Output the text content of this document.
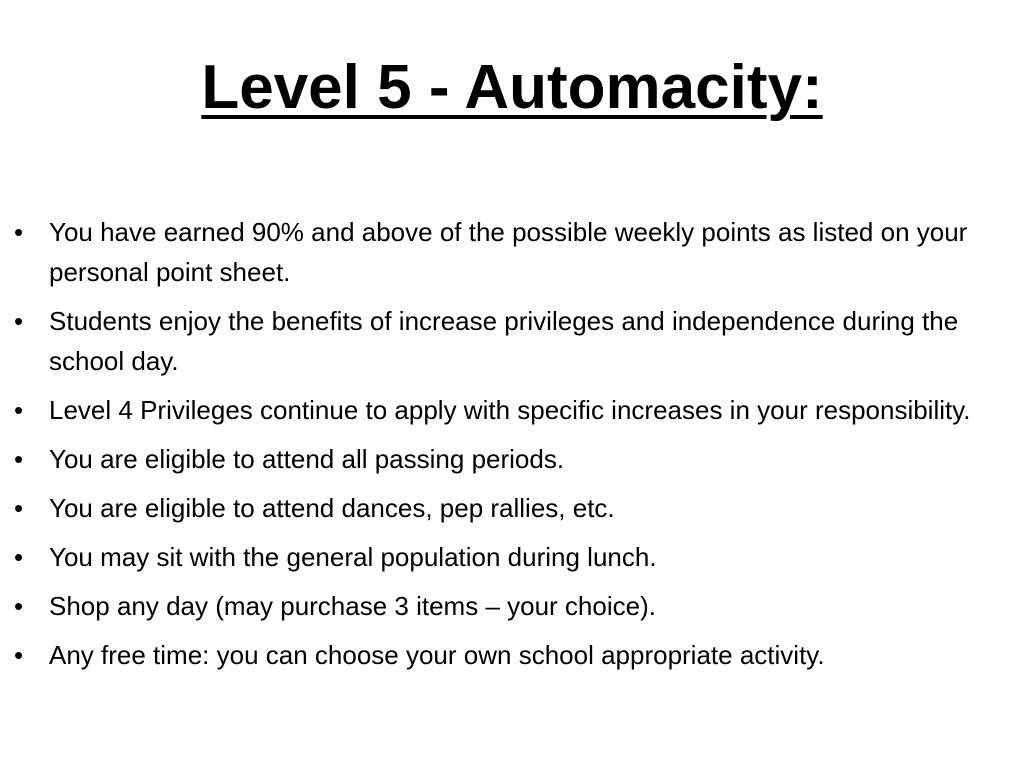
Level 5 - Automacity:
• You have earned 90% and above of the possible weekly points as listed on your personal point sheet.
• Students enjoy the benefits of increase privileges and independence during the school day.
• Level 4 Privileges continue to apply with specific increases in your responsibility.
• You are eligible to attend all passing periods.
• You are eligible to attend dances, pep rallies, etc.
• You may sit with the general population during lunch.
• Shop any day (may purchase 3 items – your choice).
• Any free time: you can choose your own school appropriate activity.
